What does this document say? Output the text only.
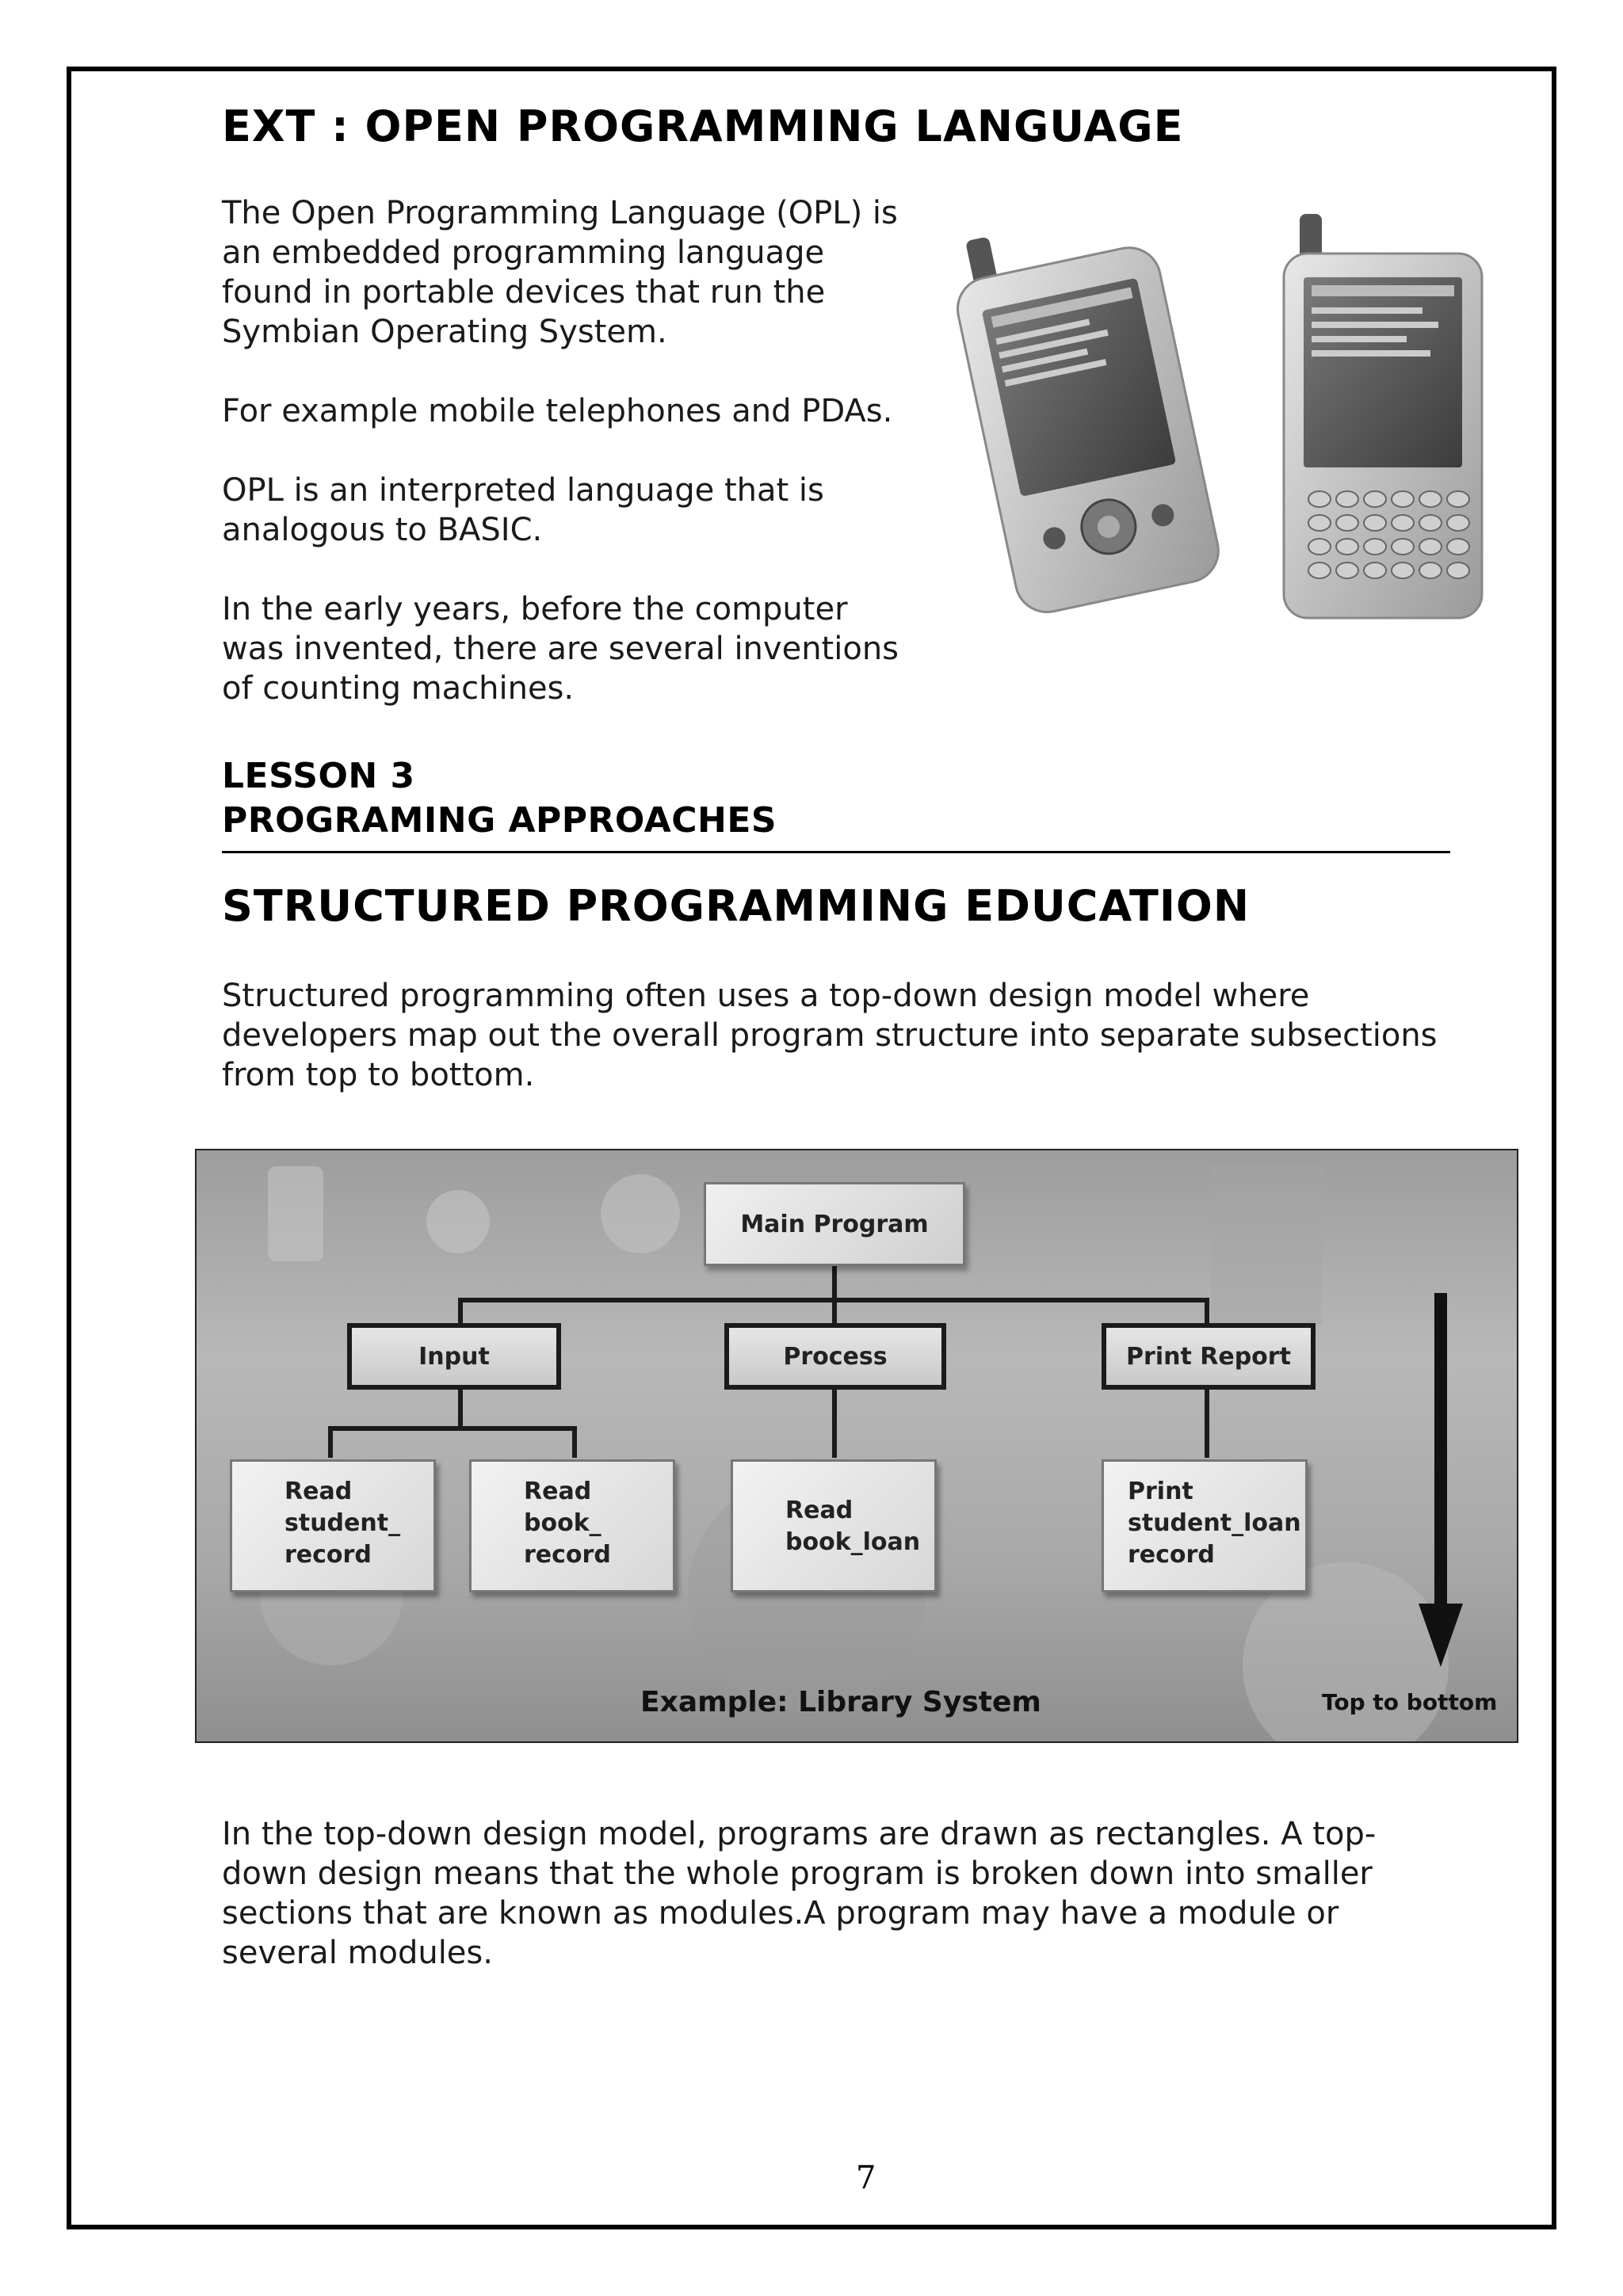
EXT : OPEN PROGRAMMING LANGUAGE
The Open Programming Language (OPL) is
an embedded programming language
found in portable devices that run the
Symbian Operating System.
For example mobile telephones and PDAs.
OPL is an interpreted language that is
analogous to BASIC.
In the early years, before the computer
was invented, there are several inventions
of counting machines.
LESSON 3
PROGRAMING APPROACHES
STRUCTURED PROGRAMMING EDUCATION
Structured programming often uses a top-down design model where
developers map out the overall program structure into separate subsections
from top to bottom.
Main Program
Input	Process	Print Report
Read
student_
record
Read
book_
record
Read
book_loan
Print
student_loan
record
Example: Library System	Top to bottom
In the top-down design model, programs are drawn as rectangles. A top-
down design means that the whole program is broken down into smaller
sections that are known as modules.A program may have a module or
several modules.
7
